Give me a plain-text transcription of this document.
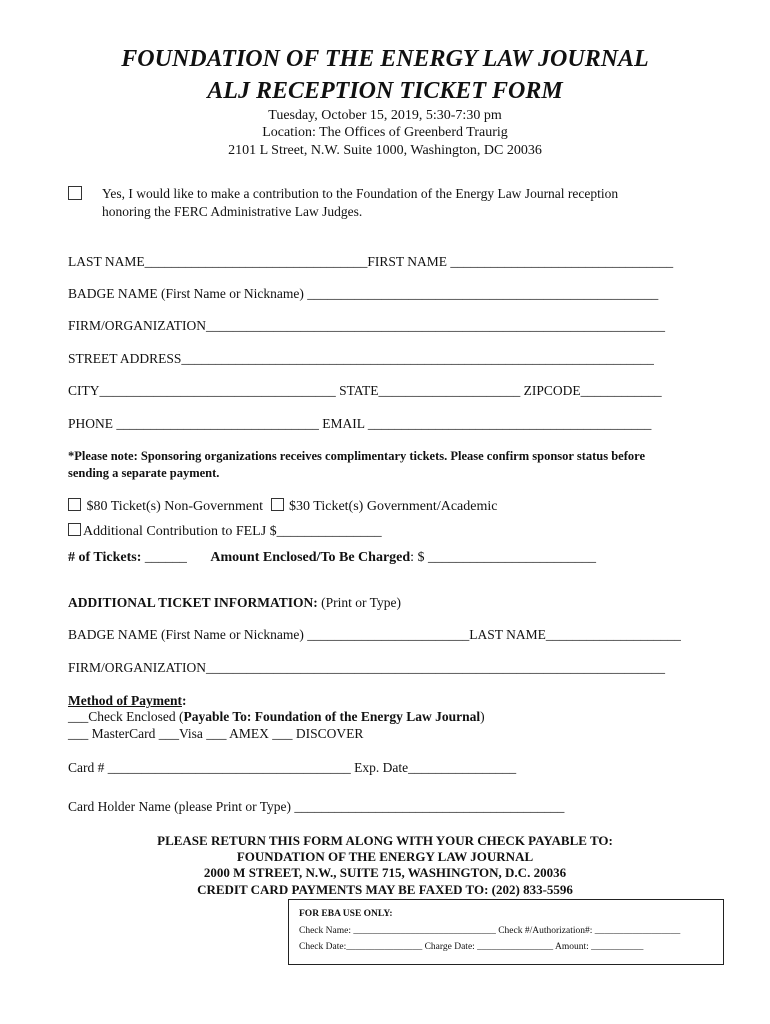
FOUNDATION OF THE ENERGY LAW JOURNAL
ALJ RECEPTION TICKET FORM
Tuesday, October 15, 2019, 5:30-7:30 pm
Location: The Offices of Greenberd Traurig
2101 L Street, N.W. Suite 1000, Washington, DC 20036
Yes, I would like to make a contribution to the Foundation of the Energy Law Journal reception
honoring the FERC Administrative Law Judges.
LAST NAME_________________________________FIRST NAME _________________________________
BADGE NAME (First Name or Nickname) ____________________________________________________
FIRM/ORGANIZATION____________________________________________________________________
STREET ADDRESS______________________________________________________________________
CITY___________________________________ STATE_____________________ ZIPCODE____________
PHONE ______________________________ EMAIL __________________________________________
*Please note: Sponsoring organizations receives complimentary tickets. Please confirm sponsor status before
sending a separate payment.
$80 Ticket(s) Non-Government $30 Ticket(s) Government/Academic
Additional Contribution to FELJ $_______________
# of Tickets: ______ Amount Enclosed/To Be Charged: $ ________________________
ADDITIONAL TICKET INFORMATION: (Print or Type)
BADGE NAME (First Name or Nickname) ________________________LAST NAME____________________
FIRM/ORGANIZATION____________________________________________________________________
Method of Payment:
___Check Enclosed (Payable To: Foundation of the Energy Law Journal)
___ MasterCard ___Visa ___ AMEX ___ DISCOVER
Card # ____________________________________ Exp. Date________________
Card Holder Name (please Print or Type) ________________________________________
PLEASE RETURN THIS FORM ALONG WITH YOUR CHECK PAYABLE TO:
FOUNDATION OF THE ENERGY LAW JOURNAL
2000 M STREET, N.W., SUITE 715, WASHINGTON, D.C. 20036
CREDIT CARD PAYMENTS MAY BE FAXED TO: (202) 833-5596
FOR EBA USE ONLY:
Check Name: ______________________________ Check #/Authorization#: __________________
Check Date:________________ Charge Date: ________________ Amount: ___________
